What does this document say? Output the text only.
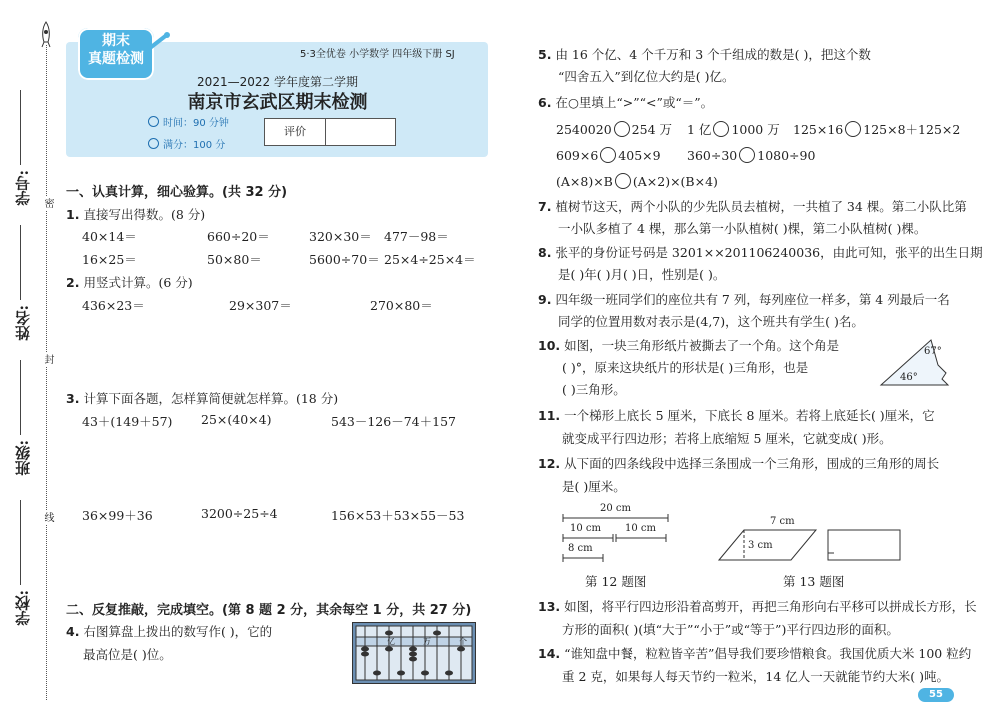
学号:
姓名:
班级:
学校:
密
封
线
期末
真题检测	5·3全优卷 小学数学 四年级下册 SJ
2021—2022 学年度第二学期
南京市玄武区期末检测
时间：90 分钟
满分：100 分
评价
一、认真计算，细心验算。(共 32 分)
1. 直接写出得数。(8 分)
40×14＝	660÷20＝	320×30＝ 477－98＝
16×25＝	50×80＝	5600÷70＝ 25×4÷25×4＝
2. 用竖式计算。(6 分)
436×23＝	29×307＝	270×80＝
3. 计算下面各题，怎样算简便就怎样算。(18 分)
43＋(149＋57) 25×(40×4)	543－126－74＋157
36×99＋36	3200÷25÷4	156×53＋53×55－53
二、反复推敲，完成填空。(第 8 题 2 分，其余每空 1 分，共 27 分)
4. 右图算盘上拨出的数写作( )，它的
最高位是( )位。
亿	万	个
5. 由 16 个亿、4 个千万和 3 个千组成的数是( )，把这个数
“四舍五入”到亿位大约是( )亿。
6. 在○里填上“>”“<”或“＝”。
2540020 254 万 1 亿 1000 万 125×16 125×8＋125×2
609×6 405×9 360÷30 1080÷90
(A×8)×B (A×2)×(B×4)
7. 植树节这天，两个小队的少先队员去植树，一共植了 34 棵。第二小队比第
一小队多植了 4 棵，那么第一小队植树( )棵，第二小队植树( )棵。
8. 张平的身份证号码是 3201××201106240036，由此可知，张平的出生日期
是( )年( )月( )日，性别是( )。
9. 四年级一班同学们的座位共有 7 列，每列座位一样多，第 4 列最后一名
同学的位置用数对表示是(4,7)，这个班共有学生( )名。
10. 如图，一块三角形纸片被撕去了一个角。这个角是
( )°，原来这块纸片的形状是( )三角形，也是
( )三角形。
67°
46°
11. 一个梯形上底长 5 厘米，下底长 8 厘米。若将上底延长( )厘米，它
就变成平行四边形；若将上底缩短 5 厘米，它就变成( )形。
12. 从下面的四条线段中选择三条围成一个三角形，围成的三角形的周长
是( )厘米。
20 cm
10 cm 10 cm
8 cm
第 12 题图
7 cm
3 cm
第 13 题图
13. 如图，将平行四边形沿着高剪开，再把三角形向右平移可以拼成长方形，长
方形的面积( )(填“大于”“小于”或“等于”)平行四边形的面积。
14. “谁知盘中餐，粒粒皆辛苦”倡导我们要珍惜粮食。我国优质大米 100 粒约
重 2 克，如果每人每天节约一粒米，14 亿人一天就能节约大米( )吨。
55
